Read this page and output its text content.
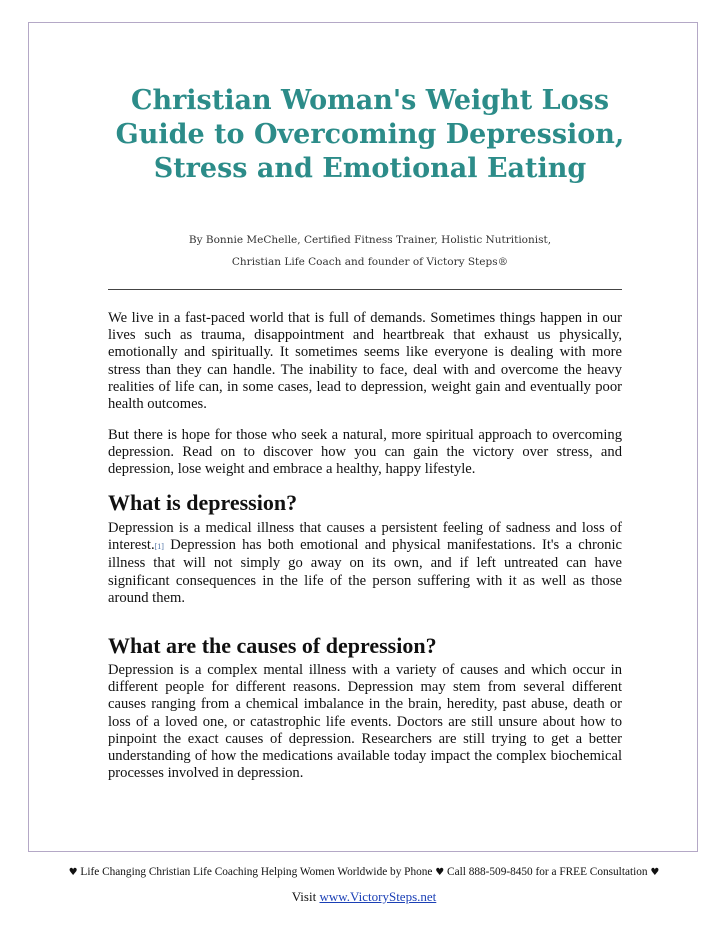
Christian Woman's Weight Loss Guide to Overcoming Depression, Stress and Emotional Eating

By Bonnie MeChelle, Certified Fitness Trainer, Holistic Nutritionist,

Christian Life Coach and founder of Victory Steps®

We live in a fast-paced world that is full of demands. Sometimes things happen in our lives such as trauma, disappointment and heartbreak that exhaust us physically, emotionally and spiritually. It sometimes seems like everyone is dealing with more stress than they can handle. The inability to face, deal with and overcome the heavy realities of life can, in some cases, lead to depression, weight gain and eventually poor health outcomes.

But there is hope for those who seek a natural, more spiritual approach to overcoming depression. Read on to discover how you can gain the victory over stress, and depression, lose weight and embrace a healthy, happy lifestyle.

What is depression?

Depression is a medical illness that causes a persistent feeling of sadness and loss of interest.[1] Depression has both emotional and physical manifestations. It's a chronic illness that will not simply go away on its own, and if left untreated can have significant consequences in the life of the person suffering with it as well as those around them.

What are the causes of depression?

Depression is a complex mental illness with a variety of causes and which occur in different people for different reasons. Depression may stem from several different causes ranging from a chemical imbalance in the brain, heredity, past abuse, death or loss of a loved one, or catastrophic life events. Doctors are still unsure about how to pinpoint the exact causes of depression. Researchers are still trying to get a better understanding of how the medications available today impact the complex biochemical processes involved in depression.

♥ Life Changing Christian Life Coaching Helping Women Worldwide by Phone ♥ Call 888-509-8450 for a FREE Consultation ♥

Visit www.VictorySteps.net
